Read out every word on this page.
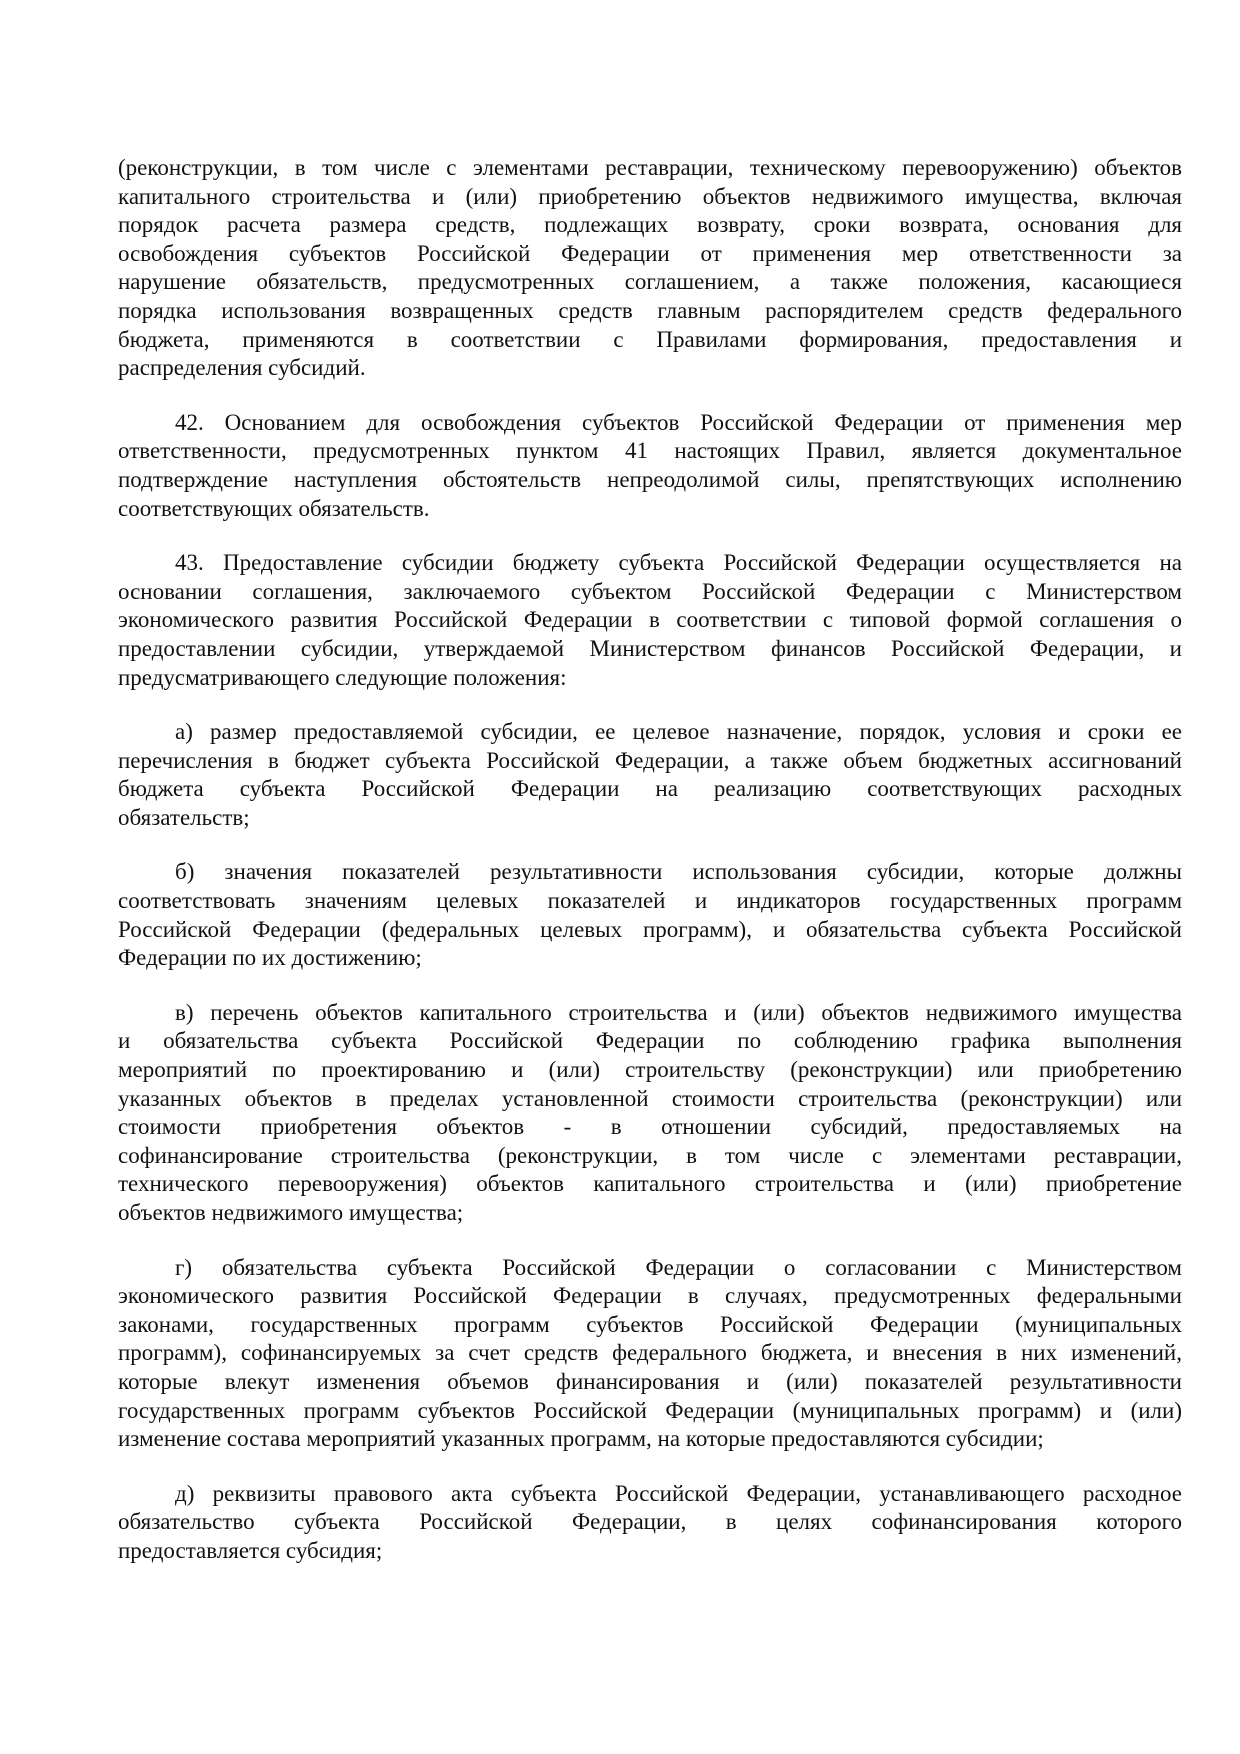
(реконструкции, в том числе с элементами реставрации, техническому перевооружению) объектов
капитального строительства и (или) приобретению объектов недвижимого имущества, включая
порядок расчета размера средств, подлежащих возврату, сроки возврата, основания для
освобождения субъектов Российской Федерации от применения мер ответственности за
нарушение обязательств, предусмотренных соглашением, а также положения, касающиеся
порядка использования возвращенных средств главным распорядителем средств федерального
бюджета, применяются в соответствии с Правилами формирования, предоставления и
распределения субсидий.
42. Основанием для освобождения субъектов Российской Федерации от применения мер
ответственности, предусмотренных пунктом 41 настоящих Правил, является документальное
подтверждение наступления обстоятельств непреодолимой силы, препятствующих исполнению
соответствующих обязательств.
43. Предоставление субсидии бюджету субъекта Российской Федерации осуществляется на
основании соглашения, заключаемого субъектом Российской Федерации с Министерством
экономического развития Российской Федерации в соответствии с типовой формой соглашения о
предоставлении субсидии, утверждаемой Министерством финансов Российской Федерации, и
предусматривающего следующие положения:
а) размер предоставляемой субсидии, ее целевое назначение, порядок, условия и сроки ее
перечисления в бюджет субъекта Российской Федерации, а также объем бюджетных ассигнований
бюджета субъекта Российской Федерации на реализацию соответствующих расходных
обязательств;
б) значения показателей результативности использования субсидии, которые должны
соответствовать значениям целевых показателей и индикаторов государственных программ
Российской Федерации (федеральных целевых программ), и обязательства субъекта Российской
Федерации по их достижению;
в) перечень объектов капитального строительства и (или) объектов недвижимого имущества
и обязательства субъекта Российской Федерации по соблюдению графика выполнения
мероприятий по проектированию и (или) строительству (реконструкции) или приобретению
указанных объектов в пределах установленной стоимости строительства (реконструкции) или
стоимости приобретения объектов - в отношении субсидий, предоставляемых на
софинансирование строительства (реконструкции, в том числе с элементами реставрации,
технического перевооружения) объектов капитального строительства и (или) приобретение
объектов недвижимого имущества;
г) обязательства субъекта Российской Федерации о согласовании с Министерством
экономического развития Российской Федерации в случаях, предусмотренных федеральными
законами, государственных программ субъектов Российской Федерации (муниципальных
программ), софинансируемых за счет средств федерального бюджета, и внесения в них изменений,
которые влекут изменения объемов финансирования и (или) показателей результативности
государственных программ субъектов Российской Федерации (муниципальных программ) и (или)
изменение состава мероприятий указанных программ, на которые предоставляются субсидии;
д) реквизиты правового акта субъекта Российской Федерации, устанавливающего расходное
обязательство субъекта Российской Федерации, в целях софинансирования которого
предоставляется субсидия;
